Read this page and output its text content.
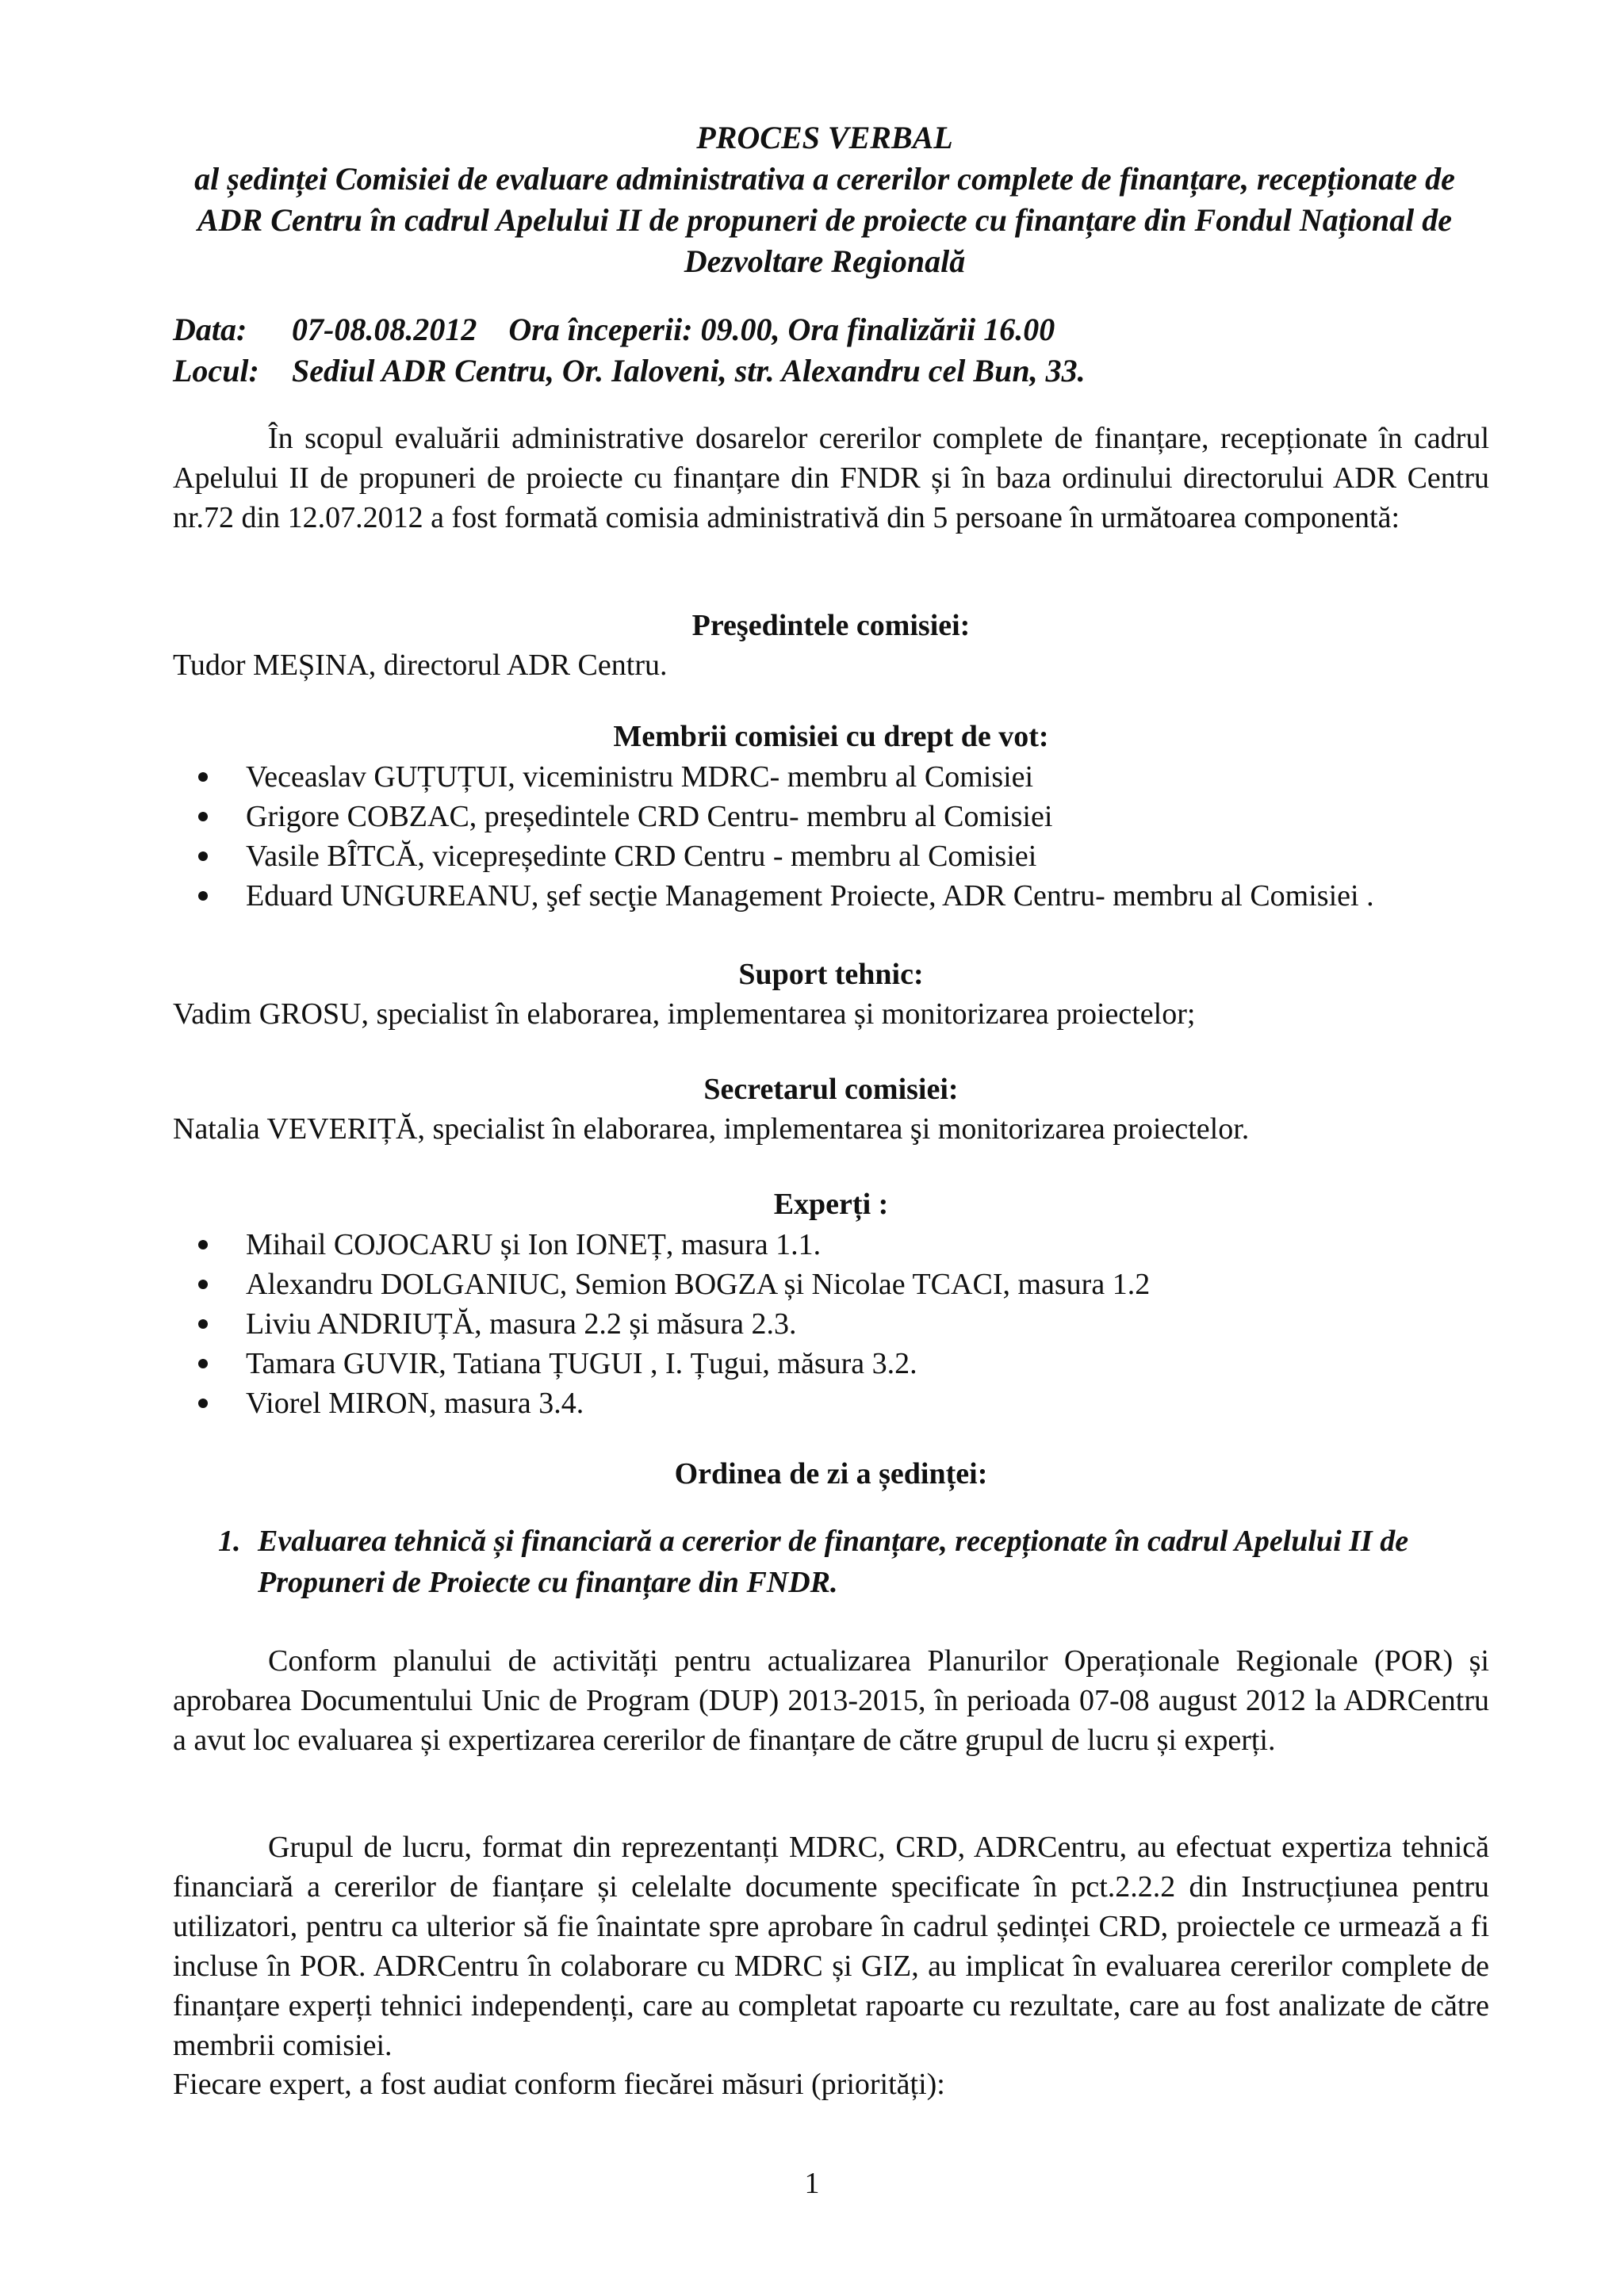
PROCES VERBAL
al ședinței Comisiei de evaluare administrativa a cererilor complete de finanțare, recepționate de ADR Centru în cadrul Apelului II de propuneri de proiecte cu finanțare din Fondul Național de Dezvoltare Regională
Data:	07-08.08.2012    Ora începerii: 09.00, Ora finalizării 16.00
Locul:	Sediul ADR Centru, Or. Ialoveni, str. Alexandru cel Bun, 33.
În scopul evaluării administrative dosarelor cererilor complete de finanțare, recepționate în cadrul Apelului II de propuneri de proiecte cu finanțare din FNDR și în baza ordinului directorului ADR Centru nr.72 din 12.07.2012 a fost formată comisia administrativă din 5 persoane în următoarea componentă:
Preşedintele comisiei:
Tudor MEȘINA, directorul ADR Centru.
Membrii comisiei cu drept de vot:
Veceaslav GUȚUȚUI, viceministru MDRC- membru al Comisiei
Grigore COBZAC, președintele CRD Centru- membru al Comisiei
Vasile BÎTCĂ, vicepreședinte CRD Centru - membru al Comisiei
Eduard UNGUREANU, şef secţie Management Proiecte, ADR Centru- membru al Comisiei .
Suport tehnic:
Vadim GROSU, specialist în elaborarea, implementarea și monitorizarea proiectelor;
Secretarul comisiei:
Natalia VEVERIȚĂ, specialist în elaborarea, implementarea şi monitorizarea proiectelor.
Experți :
Mihail COJOCARU și Ion IONEȚ, masura 1.1.
Alexandru DOLGANIUC, Semion BOGZA și Nicolae TCACI, masura 1.2
Liviu ANDRIUȚĂ, masura 2.2 și măsura 2.3.
Tamara GUVIR, Tatiana ȚUGUI , I. Țugui, măsura 3.2.
Viorel MIRON, masura 3.4.
Ordinea de zi a ședinței:
1. Evaluarea tehnică și financiară a cererior de finanțare, recepționate în cadrul Apelului II de Propuneri de Proiecte cu finanțare din FNDR.
Conform planului de activități pentru actualizarea Planurilor Operaționale Regionale (POR) și aprobarea Documentului Unic de Program (DUP) 2013-2015, în perioada 07-08 august 2012 la ADRCentru a avut loc evaluarea și expertizarea cererilor de finanțare de către grupul de lucru și experți.
Grupul de lucru, format din reprezentanți MDRC, CRD, ADRCentru, au efectuat expertiza tehnică financiară a cererilor de fianțare și celelalte documente specificate în pct.2.2.2 din Instrucțiunea pentru utilizatori, pentru ca ulterior să fie înaintate spre aprobare în cadrul ședinței CRD, proiectele ce urmează a fi incluse în POR. ADRCentru în colaborare cu MDRC și GIZ, au implicat în evaluarea cererilor complete de finanțare experți tehnici independenți, care au completat rapoarte cu rezultate, care au fost analizate de către membrii comisiei.
Fiecare expert, a fost audiat conform fiecărei măsuri (priorități):
1
